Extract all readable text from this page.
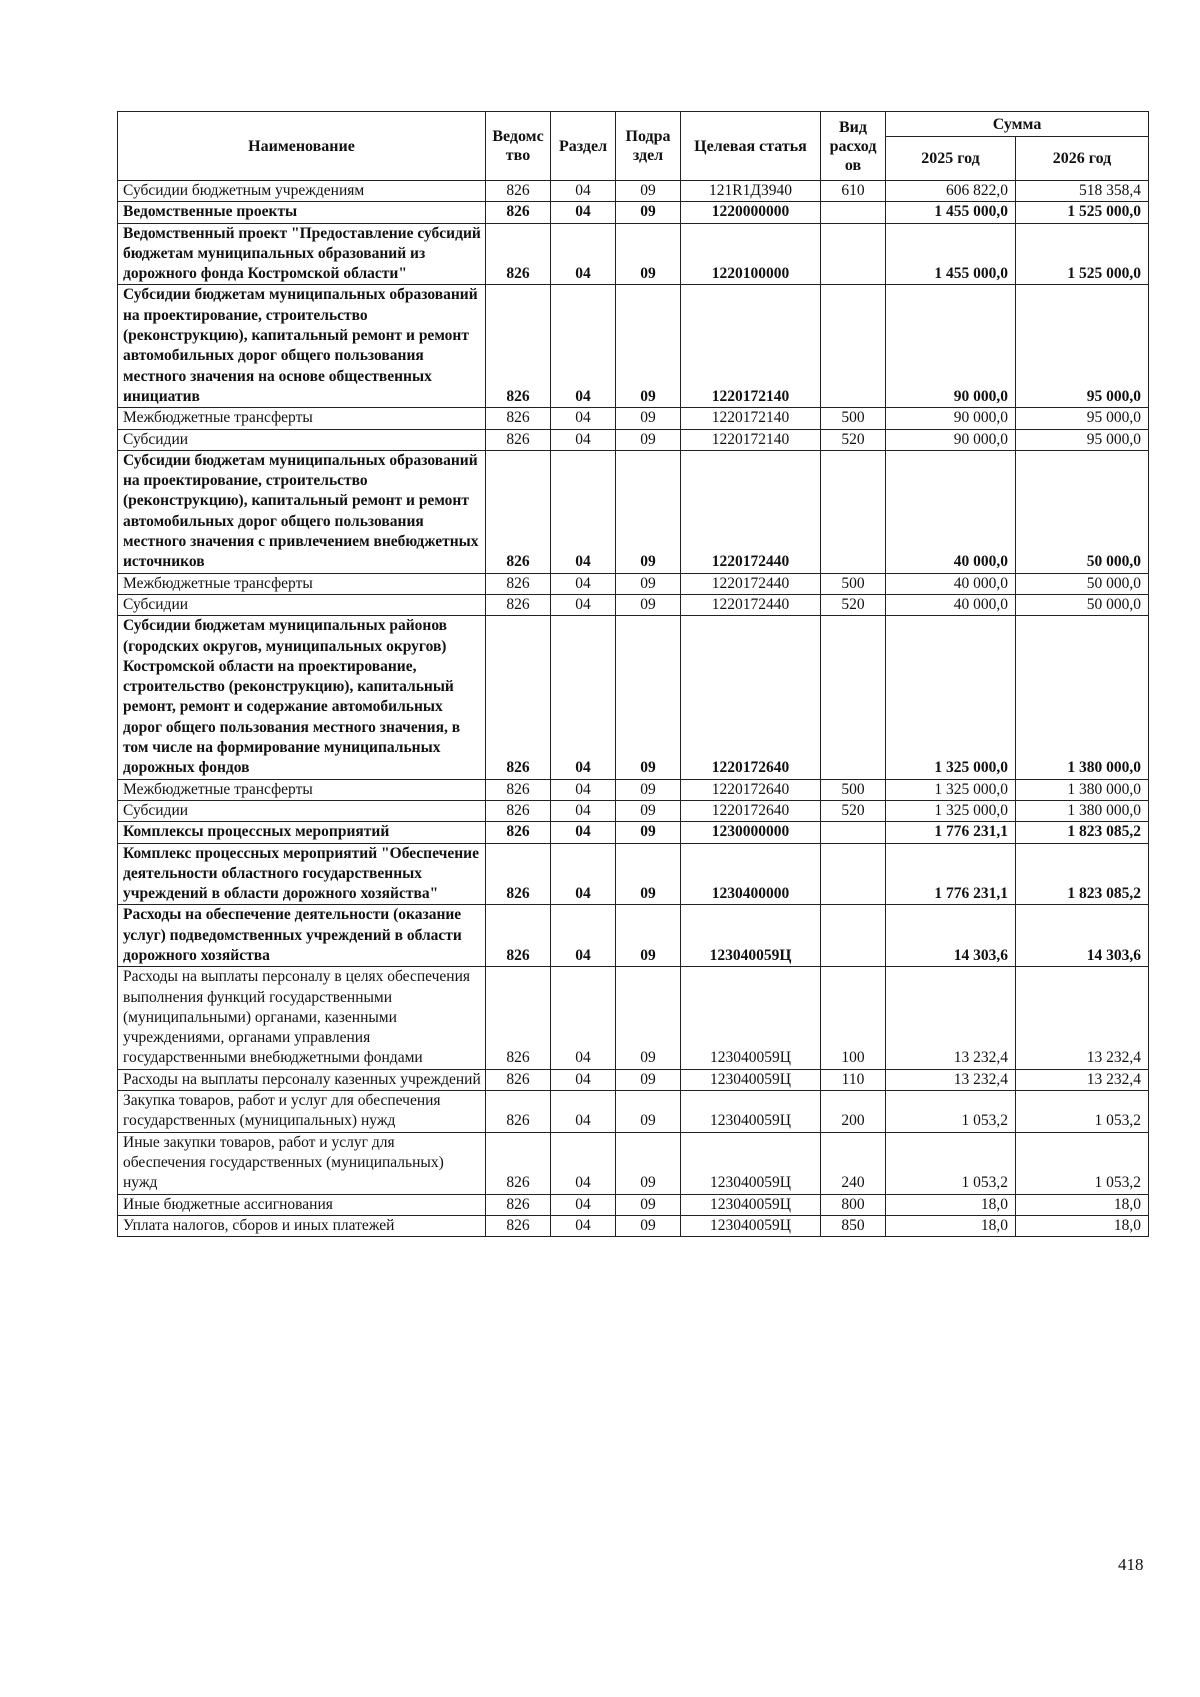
Наименование	Ведомс тво	Раздел	Подра здел	Целевая статья	Вид расход ов	Сумма	
						2025 год	2026 год
Субсидии бюджетным учреждениям	826	04	09	121R1Д3940	610	606 822,0	518 358,4
Ведомственные проекты	826	04	09	1220000000		1 455 000,0	1 525 000,0
Ведомственный проект "Предоставление субсидий бюджетам муниципальных образований из дорожного фонда Костромской области"	826	04	09	1220100000		1 455 000,0	1 525 000,0
Субсидии бюджетам муниципальных образований на проектирование, строительство (реконструкцию), капитальный ремонт и ремонт автомобильных дорог общего пользования местного значения на основе общественных инициатив	826	04	09	1220172140		90 000,0	95 000,0
Межбюджетные трансферты	826	04	09	1220172140	500	90 000,0	95 000,0
Субсидии	826	04	09	1220172140	520	90 000,0	95 000,0
Субсидии бюджетам муниципальных образований на проектирование, строительство (реконструкцию), капитальный ремонт и ремонт автомобильных дорог общего пользования местного значения с привлечением внебюджетных источников	826	04	09	1220172440		40 000,0	50 000,0
Межбюджетные трансферты	826	04	09	1220172440	500	40 000,0	50 000,0
Субсидии	826	04	09	1220172440	520	40 000,0	50 000,0
Субсидии бюджетам муниципальных районов (городских округов, муниципальных округов) Костромской области на проектирование, строительство (реконструкцию), капитальный ремонт, ремонт и содержание автомобильных дорог общего пользования местного значения, в том числе на формирование муниципальных дорожных фондов	826	04	09	1220172640		1 325 000,0	1 380 000,0
Межбюджетные трансферты	826	04	09	1220172640	500	1 325 000,0	1 380 000,0
Субсидии	826	04	09	1220172640	520	1 325 000,0	1 380 000,0
Комплексы процессных мероприятий	826	04	09	1230000000		1 776 231,1	1 823 085,2
Комплекс процессных мероприятий "Обеспечение деятельности областного государственных учреждений в области дорожного хозяйства"	826	04	09	1230400000		1 776 231,1	1 823 085,2
Расходы на обеспечение деятельности (оказание услуг) подведомственных учреждений в области дорожного хозяйства	826	04	09	123040059Ц		14 303,6	14 303,6
Расходы на выплаты персоналу в целях обеспечения выполнения функций государственными (муниципальными) органами, казенными учреждениями, органами управления государственными внебюджетными фондами	826	04	09	123040059Ц	100	13 232,4	13 232,4
Расходы на выплаты персоналу казенных учреждений	826	04	09	123040059Ц	110	13 232,4	13 232,4
Закупка товаров, работ и услуг для обеспечения государственных (муниципальных) нужд	826	04	09	123040059Ц	200	1 053,2	1 053,2
Иные закупки товаров, работ и услуг для обеспечения государственных (муниципальных) нужд	826	04	09	123040059Ц	240	1 053,2	1 053,2
Иные бюджетные ассигнования	826	04	09	123040059Ц	800	18,0	18,0
Уплата налогов, сборов и иных платежей	826	04	09	123040059Ц	850	18,0	18,0
418
